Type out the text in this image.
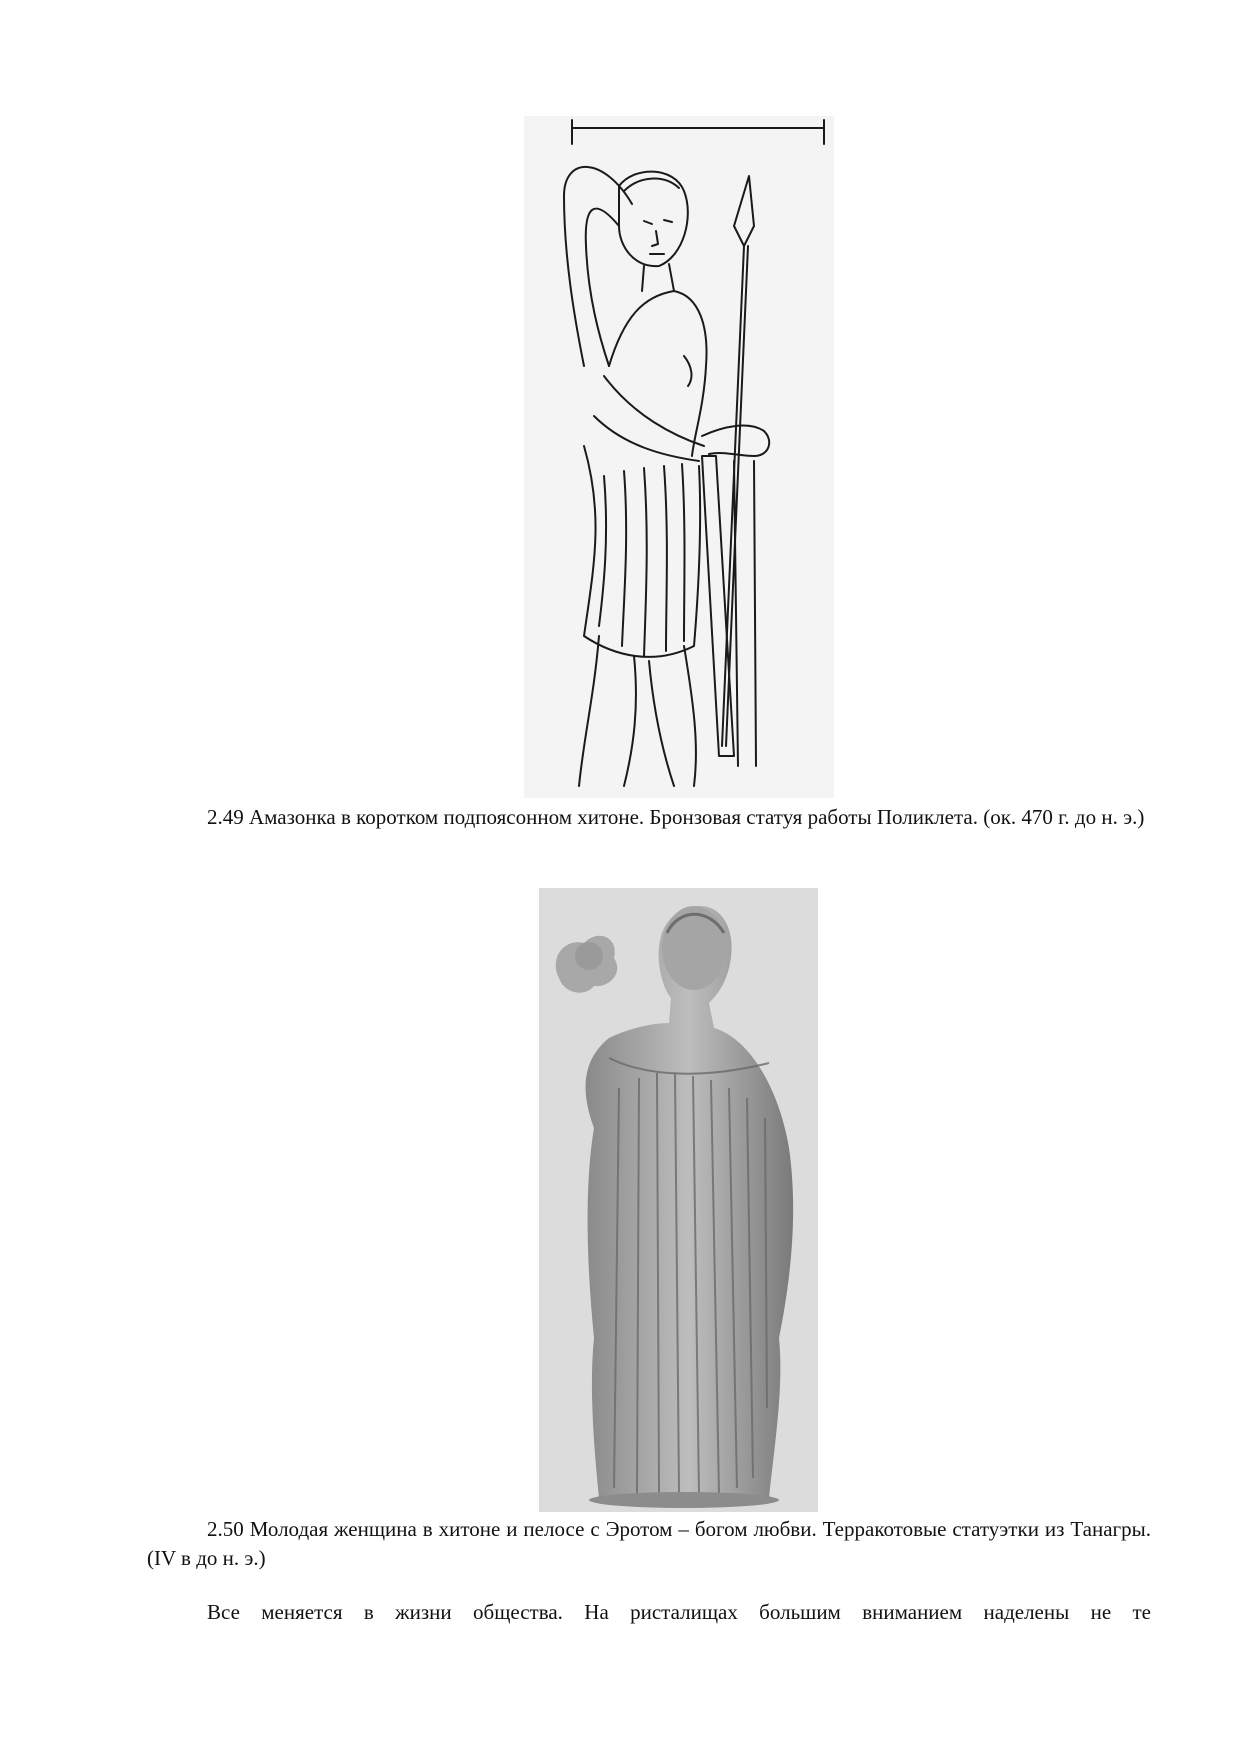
2.49 Амазонка в коротком подпоясонном хитоне. Бронзовая статуя работы Поликлета. (ок. 470 г. до н. э.)
2.50 Молодая женщина в хитоне и пелосе с Эротом – богом любви. Терракотовые статуэтки из Танагры. (IV в до н. э.)
Все меняется в жизни общества. На ристалищах большим вниманием наделены не те
